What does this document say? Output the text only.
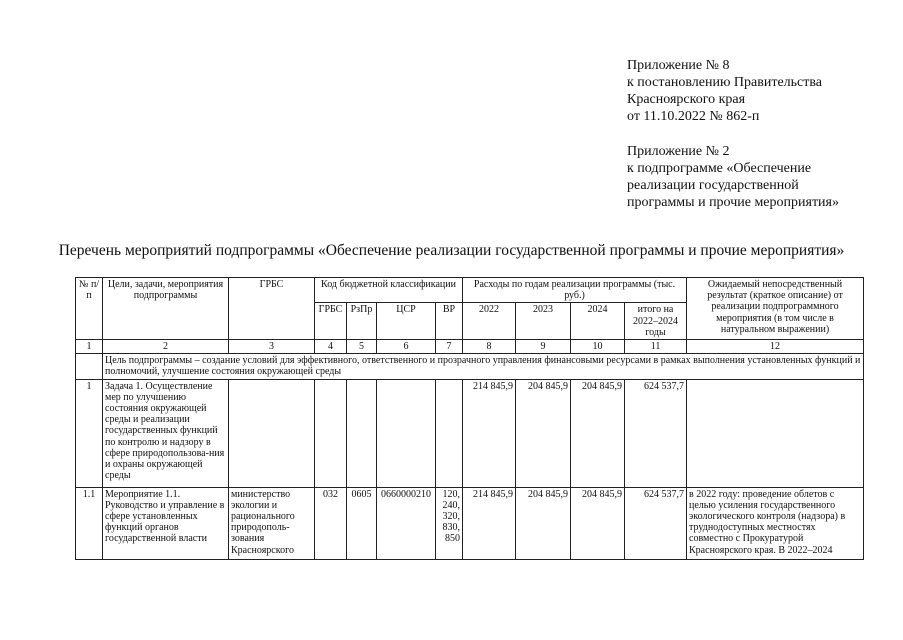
Приложение № 8
к постановлению Правительства
Красноярского края
от 11.10.2022 № 862-п
Приложение № 2
к подпрограмме «Обеспечение
реализации государственной
программы и прочие мероприятия»
Перечень мероприятий подпрограммы «Обеспечение реализации государственной программы и прочие мероприятия»
№ п/п	Цели, задачи, мероприятия подпрограммы	ГРБС	Код бюджетной классификации				Расходы по годам реализации программы (тыс. руб.)				Ожидаемый непосредственный результат (краткое описание) от реализации подпрограммного мероприятия (в том числе в натуральном выражении)
			ГРБС	РзПр	ЦСР	ВР	2022	2023	2024	итого на 2022–2024 годы	
1	2	3	4	5	6	7	8	9	10	11	12
	Цель подпрограммы – создание условий для эффективного, ответственного и прозрачного управления финансовыми ресурсами в рамках выполнения установленных функций и полномочий, улучшение состояния окружающей среды										
1	Задача 1. Осуществление мер по улучшению состояния окружающей среды и реализации государственных функций по контролю и надзору в сфере природопользова-ния и охраны окружающей среды						214 845,9	204 845,9	204 845,9	624 537,7	
1.1	Мероприятие 1.1. Руководство и управление в сфере установленных функций органов государственной власти	министерство экологии и рационального природополь-зования Красноярского	032	0605	0660000210	120, 240, 320, 830, 850	214 845,9	204 845,9	204 845,9	624 537,7	в 2022 году: проведение облетов с целью усиления государственного экологического контроля (надзора) в труднодоступных местностях совместно с Прокуратурой Красноярского края. В 2022–2024
